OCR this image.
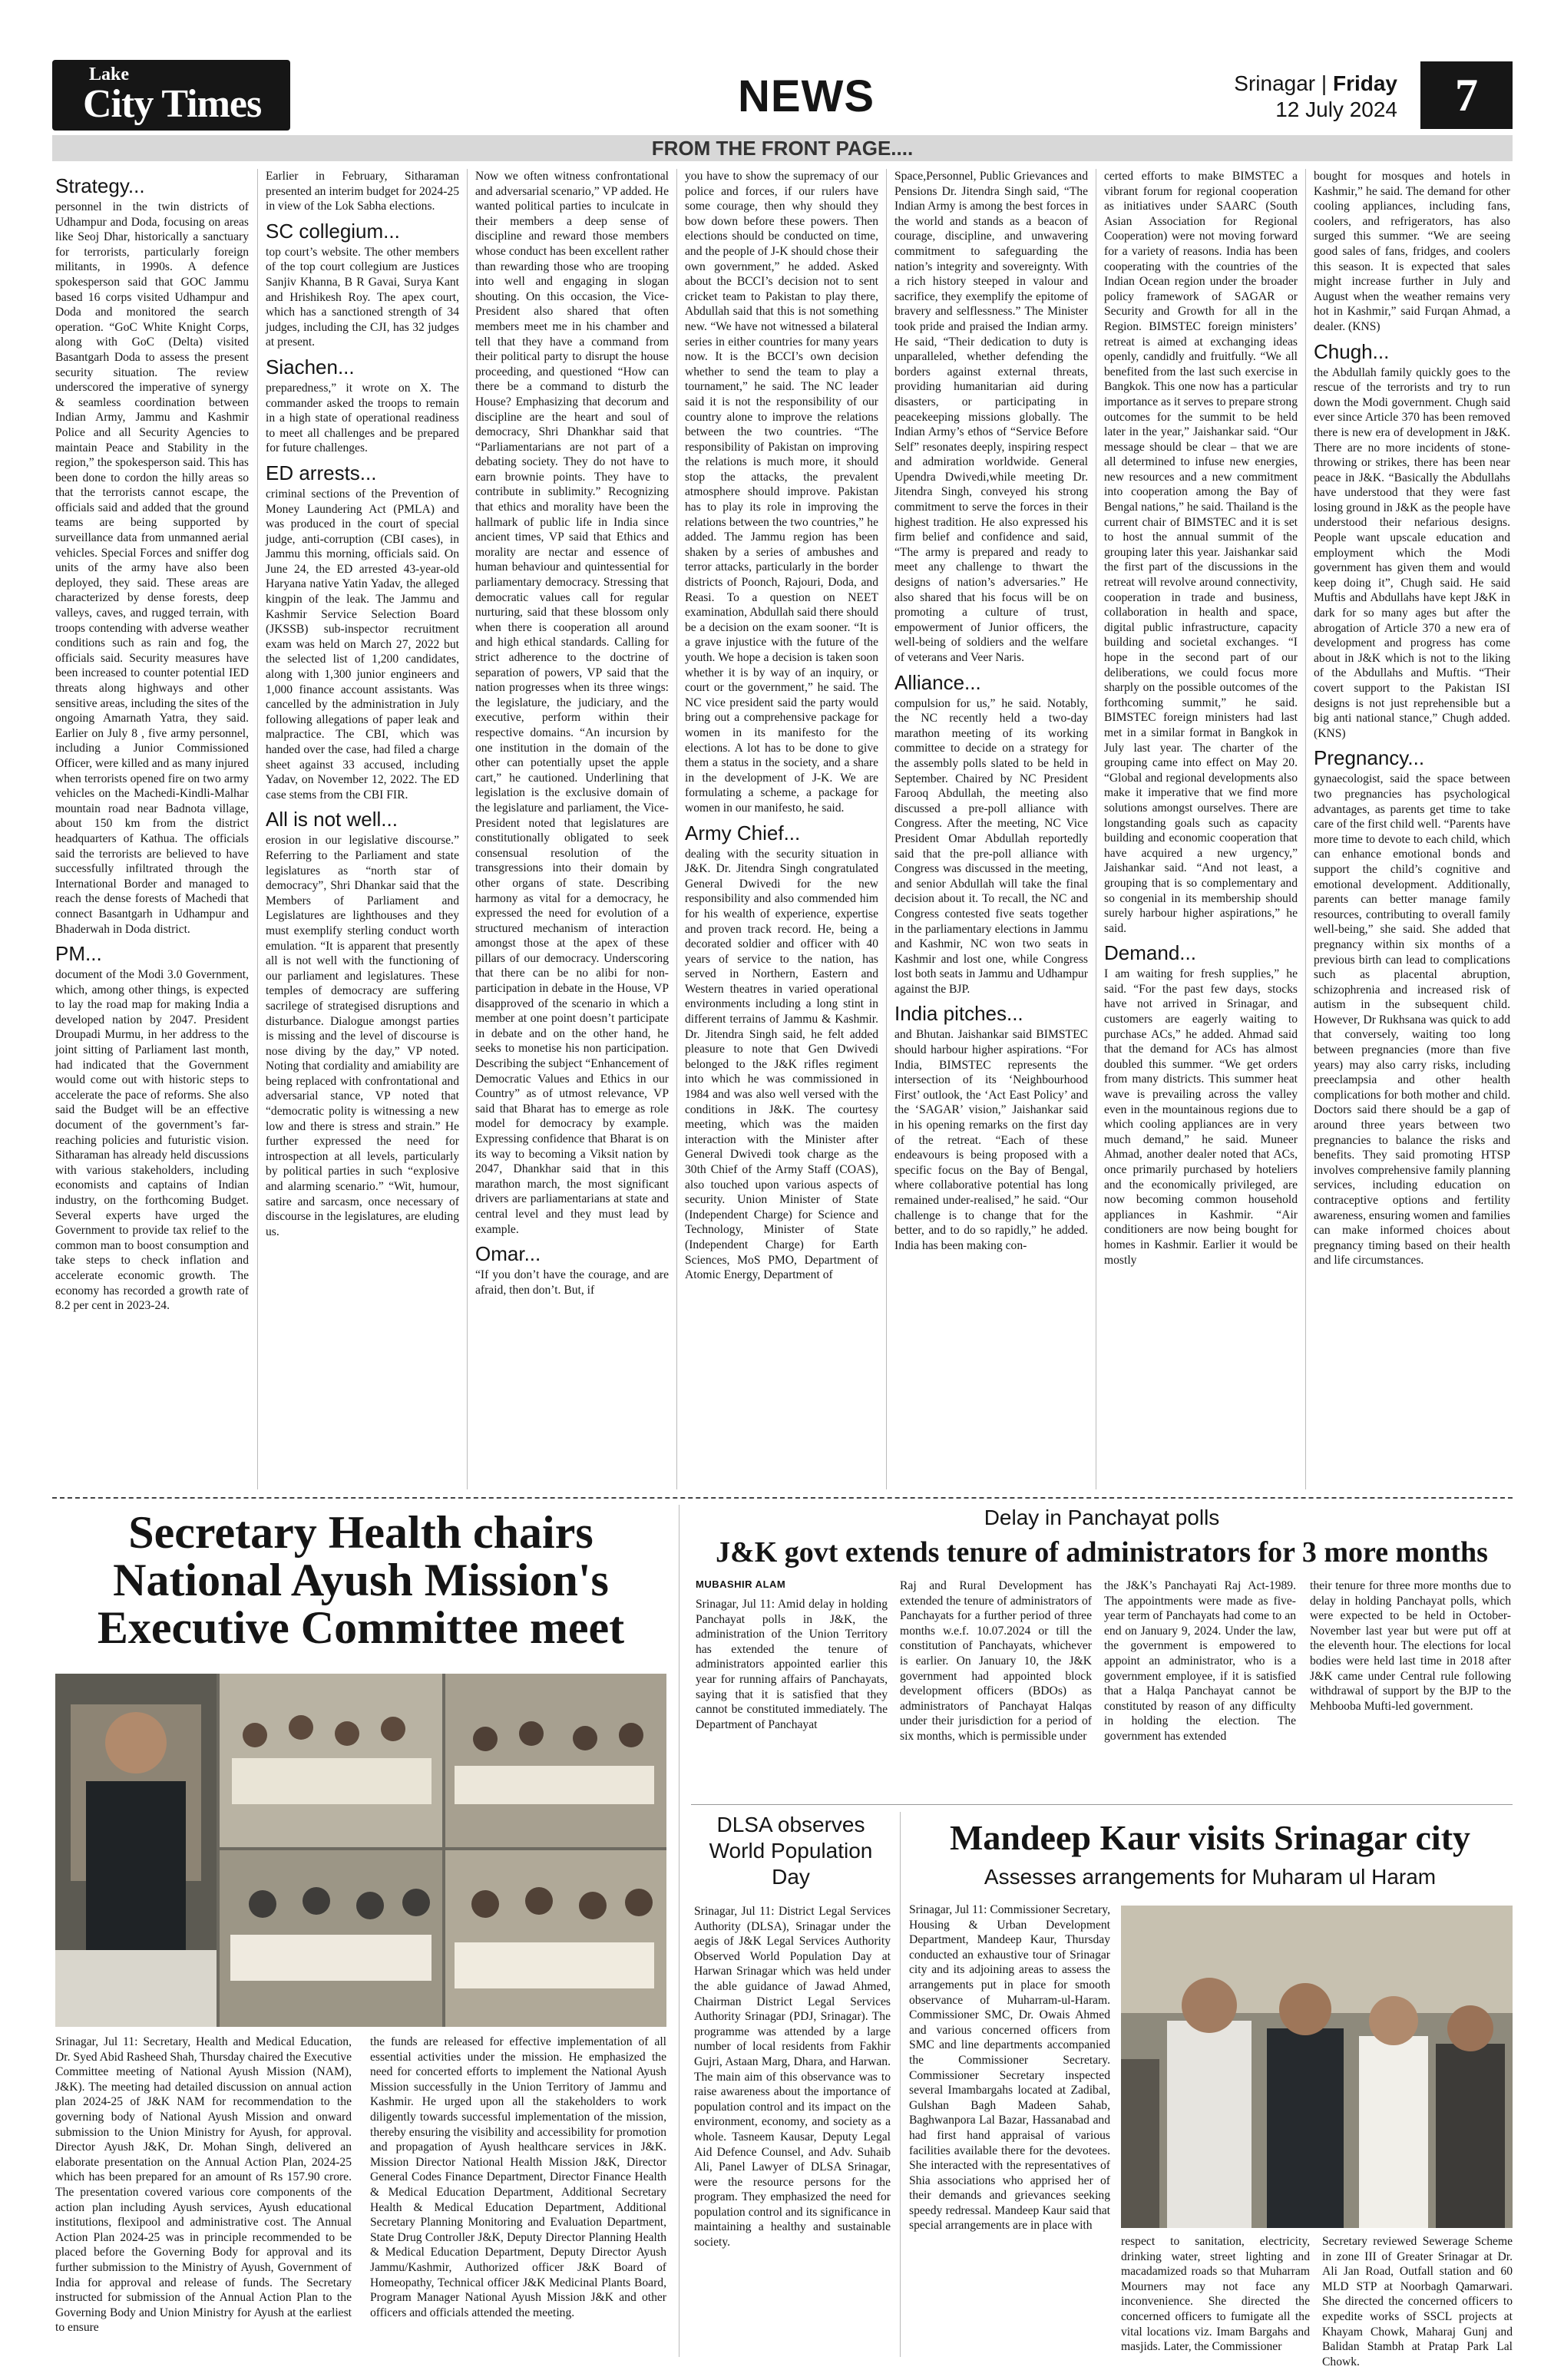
Lake
City Times	NEWS	Srinagar | Friday
12 July 2024	7
FROM THE FRONT PAGE....
Strategy...

personnel in the twin districts of Udhampur and Doda, focusing on areas like Seoj Dhar, historically a sanctuary for terrorists, particularly foreign militants, in 1990s. A defence spokesperson said that GOC Jammu based 16 corps visited Udhampur and Doda and monitored the search operation. “GoC White Knight Corps, along with GoC (Delta) visited Basantgarh Doda to assess the present security situation. The review underscored the imperative of synergy & seamless coordination between Indian Army, Jammu and Kashmir Police and all Security Agencies to maintain Peace and Stability in the region,” the spokesperson said. This has been done to cordon the hilly areas so that the terrorists cannot escape, the officials said and added that the ground teams are being supported by surveillance data from unmanned aerial vehicles. Special Forces and sniffer dog units of the army have also been deployed, they said. These areas are characterized by dense forests, deep valleys, caves, and rugged terrain, with troops contending with adverse weather conditions such as rain and fog, the officials said. Security measures have been increased to counter potential IED threats along highways and other sensitive areas, including the sites of the ongoing Amarnath Yatra, they said. Earlier on July 8 , five army personnel, including a Junior Commissioned Officer, were killed and as many injured when terrorists opened fire on two army vehicles on the Machedi-Kindli-Malhar mountain road near Badnota village, about 150 km from the district headquarters of Kathua. The officials said the terrorists are believed to have successfully infiltrated through the International Border and managed to reach the dense forests of Machedi that connect Basantgarh in Udhampur and Bhaderwah in Doda district.

PM...

document of the Modi 3.0 Government, which, among other things, is expected to lay the road map for making India a developed nation by 2047. President Droupadi Murmu, in her address to the joint sitting of Parliament last month, had indicated that the Government would come out with historic steps to accelerate the pace of reforms. She also said the Budget will be an effective document of the government’s far-reaching policies and futuristic vision. Sitharaman has already held discussions with various stakeholders, including economists and captains of Indian industry, on the forthcoming Budget. Several experts have urged the Government to provide tax relief to the common man to boost consumption and take steps to check inflation and accelerate economic growth. The economy has recorded a growth rate of 8.2 per cent in 2023-24.

Earlier in February, Sitharaman presented an interim budget for 2024-25 in view of the Lok Sabha elections.

SC collegium...

top court’s website. The other members of the top court collegium are Justices Sanjiv Khanna, B R Gavai, Surya Kant and Hrishikesh Roy. The apex court, which has a sanctioned strength of 34 judges, including the CJI, has 32 judges at present.

Siachen...

preparedness,” it wrote on X. The commander asked the troops to remain in a high state of operational readiness to meet all challenges and be prepared for future challenges.

ED arrests...

criminal sections of the Prevention of Money Laundering Act (PMLA) and was produced in the court of special judge, anti-corruption (CBI cases), in Jammu this morning, officials said. On June 24, the ED arrested 43-year-old Haryana native Yatin Yadav, the alleged kingpin of the leak. The Jammu and Kashmir Service Selection Board (JKSSB) sub-inspector recruitment exam was held on March 27, 2022 but the selected list of 1,200 candidates, along with 1,300 junior engineers and 1,000 finance account assistants. Was cancelled by the administration in July following allegations of paper leak and malpractice. The CBI, which was handed over the case, had filed a charge sheet against 33 accused, including Yadav, on November 12, 2022. The ED case stems from the CBI FIR.

All is not well...

erosion in our legislative discourse.” Referring to the Parliament and state legislatures as “north star of democracy”, Shri Dhankar said that the Members of Parliament and Legislatures are lighthouses and they must exemplify sterling conduct worth emulation. “It is apparent that presently all is not well with the functioning of our parliament and legislatures. These temples of democracy are suffering sacrilege of strategised disruptions and disturbance. Dialogue amongst parties is missing and the level of discourse is nose diving by the day,” VP noted. Noting that cordiality and amiability are being replaced with confrontational and adversarial stance, VP noted that “democratic polity is witnessing a new low and there is stress and strain.” He further expressed the need for introspection at all levels, particularly by political parties in such “explosive and alarming scenario.” “Wit, humour, satire and sarcasm, once necessary of discourse in the legislatures, are eluding us.

Now we often witness confrontational and adversarial scenario,” VP added. He wanted political parties to inculcate in their members a deep sense of discipline and reward those members whose conduct has been excellent rather than rewarding those who are trooping into well and engaging in slogan shouting. On this occasion, the Vice-President also shared that often members meet me in his chamber and tell that they have a command from their political party to disrupt the house proceeding, and questioned “How can there be a command to disturb the House? Emphasizing that decorum and discipline are the heart and soul of democracy, Shri Dhankhar said that “Parliamentarians are not part of a debating society. They do not have to earn brownie points. They have to contribute in sublimity.” Recognizing that ethics and morality have been the hallmark of public life in India since ancient times, VP said that Ethics and morality are nectar and essence of human behaviour and quintessential for parliamentary democracy. Stressing that democratic values call for regular nurturing, said that these blossom only when there is cooperation all around and high ethical standards. Calling for strict adherence to the doctrine of separation of powers, VP said that the nation progresses when its three wings: the legislature, the judiciary, and the executive, perform within their respective domains. “An incursion by one institution in the domain of the other can potentially upset the apple cart,” he cautioned. Underlining that legislation is the exclusive domain of the legislature and parliament, the Vice-President noted that legislatures are constitutionally obligated to seek consensual resolution of the transgressions into their domain by other organs of state. Describing harmony as vital for a democracy, he expressed the need for evolution of a structured mechanism of interaction amongst those at the apex of these pillars of our democracy. Underscoring that there can be no alibi for non-participation in debate in the House, VP disapproved of the scenario in which a member at one point doesn’t participate in debate and on the other hand, he seeks to monetise his non participation. Describing the subject “Enhancement of Democratic Values and Ethics in our Country” as of utmost relevance, VP said that Bharat has to emerge as role model for democracy by example. Expressing confidence that Bharat is on its way to becoming a Viksit nation by 2047, Dhankhar said that in this marathon march, the most significant drivers are parliamentarians at state and central level and they must lead by example.

Omar...

“If you don’t have the courage, and are afraid, then don’t. But, if

you have to show the supremacy of our police and forces, if our rulers have some courage, then why should they bow down before these powers. Then elections should be conducted on time, and the people of J-K should chose their own government,” he added. Asked about the BCCI’s decision not to sent cricket team to Pakistan to play there, Abdullah said that this is not something new. “We have not witnessed a bilateral series in either countries for many years now. It is the BCCI’s own decision whether to send the team to play a tournament,” he said. The NC leader said it is not the responsibility of our country alone to improve the relations between the two countries. “The responsibility of Pakistan on improving the relations is much more, it should stop the attacks, the prevalent atmosphere should improve. Pakistan has to play its role in improving the relations between the two countries,” he added. The Jammu region has been shaken by a series of ambushes and terror attacks, particularly in the border districts of Poonch, Rajouri, Doda, and Reasi. To a question on NEET examination, Abdullah said there should be a decision on the exam sooner. “It is a grave injustice with the future of the youth. We hope a decision is taken soon whether it is by way of an inquiry, or court or the government,” he said. The NC vice president said the party would bring out a comprehensive package for women in its manifesto for the elections. A lot has to be done to give them a status in the society, and a share in the development of J-K. We are formulating a scheme, a package for women in our manifesto, he said.

Army Chief...

dealing with the security situation in J&K. Dr. Jitendra Singh congratulated General Dwivedi for the new responsibility and also commended him for his wealth of experience, expertise and proven track record. He, being a decorated soldier and officer with 40 years of service to the nation, has served in Northern, Eastern and Western theatres in varied operational environments including a long stint in different terrains of Jammu & Kashmir. Dr. Jitendra Singh said, he felt added pleasure to note that Gen Dwivedi belonged to the J&K rifles regiment into which he was commissioned in 1984 and was also well versed with the conditions in J&K. The courtesy meeting, which was the maiden interaction with the Minister after General Dwivedi took charge as the 30th Chief of the Army Staff (COAS), also touched upon various aspects of security. Union Minister of State (Independent Charge) for Science and Technology, Minister of State (Independent Charge) for Earth Sciences, MoS PMO, Department of Atomic Energy, Department of

Space,Personnel, Public Grievances and Pensions Dr. Jitendra Singh said, “The Indian Army is among the best forces in the world and stands as a beacon of courage, discipline, and unwavering commitment to safeguarding the nation’s integrity and sovereignty. With a rich history steeped in valour and sacrifice, they exemplify the epitome of bravery and selflessness.” The Minister took pride and praised the Indian army. He said, “Their dedication to duty is unparalleled, whether defending the borders against external threats, providing humanitarian aid during disasters, or participating in peacekeeping missions globally. The Indian Army’s ethos of “Service Before Self” resonates deeply, inspiring respect and admiration worldwide. General Upendra Dwivedi,while meeting Dr. Jitendra Singh, conveyed his strong commitment to serve the forces in their highest tradition. He also expressed his firm belief and confidence and said, “The army is prepared and ready to meet any challenge to thwart the designs of nation’s adversaries.” He also shared that his focus will be on promoting a culture of trust, empowerment of Junior officers, the well-being of soldiers and the welfare of veterans and Veer Naris.

Alliance...

compulsion for us,” he said. Notably, the NC recently held a two-day marathon meeting of its working committee to decide on a strategy for the assembly polls slated to be held in September. Chaired by NC President Farooq Abdullah, the meeting also discussed a pre-poll alliance with Congress. After the meeting, NC Vice President Omar Abdullah reportedly said that the pre-poll alliance with Congress was discussed in the meeting, and senior Abdullah will take the final decision about it. To recall, the NC and Congress contested five seats together in the parliamentary elections in Jammu and Kashmir, NC won two seats in Kashmir and lost one, while Congress lost both seats in Jammu and Udhampur against the BJP.

India pitches...

and Bhutan. Jaishankar said BIMSTEC should harbour higher aspirations. “For India, BIMSTEC represents the intersection of its ‘Neighbourhood First’ outlook, the ‘Act East Policy’ and the ‘SAGAR’ vision,” Jaishankar said in his opening remarks on the first day of the retreat. “Each of these endeavours is being proposed with a specific focus on the Bay of Bengal, where collaborative potential has long remained under-realised,” he said. “Our challenge is to change that for the better, and to do so rapidly,” he added. India has been making con-

certed efforts to make BIMSTEC a vibrant forum for regional cooperation as initiatives under SAARC (South Asian Association for Regional Cooperation) were not moving forward for a variety of reasons. India has been cooperating with the countries of the Indian Ocean region under the broader policy framework of SAGAR or Security and Growth for all in the Region. BIMSTEC foreign ministers’ retreat is aimed at exchanging ideas openly, candidly and fruitfully. “We all benefited from the last such exercise in Bangkok. This one now has a particular importance as it serves to prepare strong outcomes for the summit to be held later in the year,” Jaishankar said. “Our message should be clear – that we are all determined to infuse new energies, new resources and a new commitment into cooperation among the Bay of Bengal nations,” he said. Thailand is the current chair of BIMSTEC and it is set to host the annual summit of the grouping later this year. Jaishankar said the first part of the discussions in the retreat will revolve around connectivity, cooperation in trade and business, collaboration in health and space, digital public infrastructure, capacity building and societal exchanges. “I hope in the second part of our deliberations, we could focus more sharply on the possible outcomes of the forthcoming summit,” he said. BIMSTEC foreign ministers had last met in a similar format in Bangkok in July last year. The charter of the grouping came into effect on May 20. “Global and regional developments also make it imperative that we find more solutions amongst ourselves. There are longstanding goals such as capacity building and economic cooperation that have acquired a new urgency,” Jaishankar said. “And not least, a grouping that is so complementary and so congenial in its membership should surely harbour higher aspirations,” he said.

Demand...

I am waiting for fresh supplies,” he said. “For the past few days, stocks have not arrived in Srinagar, and customers are eagerly waiting to purchase ACs,” he added. Ahmad said that the demand for ACs has almost doubled this summer. “We get orders from many districts. This summer heat wave is prevailing across the valley even in the mountainous regions due to which cooling appliances are in very much demand,” he said. Muneer Ahmad, another dealer noted that ACs, once primarily purchased by hoteliers and the economically privileged, are now becoming common household appliances in Kashmir. “Air conditioners are now being bought for homes in Kashmir. Earlier it would be mostly

bought for mosques and hotels in Kashmir,” he said. The demand for other cooling appliances, including fans, coolers, and refrigerators, has also surged this summer. “We are seeing good sales of fans, fridges, and coolers this season. It is expected that sales might increase further in July and August when the weather remains very hot in Kashmir,” said Furqan Ahmad, a dealer. (KNS)

Chugh...

the Abdullah family quickly goes to the rescue of the terrorists and try to run down the Modi government. Chugh said ever since Article 370 has been removed there is new era of development in J&K. There are no more incidents of stone-throwing or strikes, there has been near peace in J&K. “Basically the Abdullahs have understood that they were fast losing ground in J&K as the people have understood their nefarious designs. People want upscale education and employment which the Modi government has given them and would keep doing it”, Chugh said. He said Muftis and Abdullahs have kept J&K in dark for so many ages but after the abrogation of Article 370 a new era of development and progress has come about in J&K which is not to the liking of the Abdullahs and Muftis. “Their covert support to the Pakistan ISI designs is not just reprehensible but a big anti national stance,” Chugh added. (KNS)

Pregnancy...

gynaecologist, said the space between two pregnancies has psychological advantages, as parents get time to take care of the first child well. “Parents have more time to devote to each child, which can enhance emotional bonds and support the child’s cognitive and emotional development. Additionally, parents can better manage family resources, contributing to overall family well-being,” she said. She added that pregnancy within six months of a previous birth can lead to complications such as placental abruption, schizophrenia and increased risk of autism in the subsequent child. However, Dr Rukhsana was quick to add that conversely, waiting too long between pregnancies (more than five years) may also carry risks, including preeclampsia and other health complications for both mother and child. Doctors said there should be a gap of around three years between two pregnancies to balance the risks and benefits. They said promoting HTSP involves comprehensive family planning services, including education on contraceptive options and fertility awareness, ensuring women and families can make informed choices about pregnancy timing based on their health and life circumstances.

Secretary Health chairs National Ayush Mission's Executive Committee meet

Srinagar, Jul 11: Secretary, Health and Medical Education, Dr. Syed Abid Rasheed Shah, Thursday chaired the Executive Committee meeting of National Ayush Mission (NAM), J&K). The meeting had detailed discussion on annual action plan 2024-25 of J&K NAM for recommendation to the governing body of National Ayush Mission and onward submission to the Union Ministry for Ayush, for approval. Director Ayush J&K, Dr. Mohan Singh, delivered an elaborate presentation on the Annual Action Plan, 2024-25 which has been prepared for an amount of Rs 157.90 crore. The presentation covered various core components of the action plan including Ayush services, Ayush educational institutions, flexipool and administrative cost. The Annual Action Plan 2024-25 was in principle recommended to be placed before the Governing Body for approval and its further submission to the Ministry of Ayush, Government of India for approval and release of funds. The Secretary instructed for submission of the Annual Action Plan to the Governing Body and Union Ministry for Ayush at the earliest to ensure

the funds are released for effective implementation of all essential activities under the mission. He emphasized the need for concerted efforts to implement the National Ayush Mission successfully in the Union Territory of Jammu and Kashmir. He urged upon all the stakeholders to work diligently towards successful implementation of the mission, thereby ensuring the visibility and accessibility for promotion and propagation of Ayush healthcare services in J&K. Mission Director National Health Mission J&K, Director General Codes Finance Department, Director Finance Health & Medical Education Department, Additional Secretary Health & Medical Education Department, Additional Secretary Planning Monitoring and Evaluation Department, State Drug Controller J&K, Deputy Director Planning Health & Medical Education Department, Deputy Director Ayush Jammu/Kashmir, Authorized officer J&K Board of Homeopathy, Technical officer J&K Medicinal Plants Board, Program Manager National Ayush Mission J&K and other officers and officials attended the meeting.

Delay in Panchayat polls
J&K govt extends tenure of administrators for 3 more months
MUBASHIR ALAM

Srinagar, Jul 11: Amid delay in holding Panchayat polls in J&K, the administration of the Union Territory has extended the tenure of administrators appointed earlier this year for running affairs of Panchayats, saying that it is satisfied that they cannot be constituted immediately. The Department of Panchayat

Raj and Rural Development has extended the tenure of administrators of Panchayats for a further period of three months w.e.f. 10.07.2024 or till the constitution of Panchayats, whichever is earlier. On January 10, the J&K government had appointed block development officers (BDOs) as administrators of Panchayat Halqas under their jurisdiction for a period of six months, which is permissible under

the J&K’s Panchayati Raj Act-1989. The appointments were made as five-year term of Panchayats had come to an end on January 9, 2024. Under the law, the government is empowered to appoint an administrator, who is a government employee, if it is satisfied that a Halqa Panchayat cannot be constituted by reason of any difficulty in holding the election. The government has extended

their tenure for three more months due to delay in holding Panchayat polls, which were expected to be held in October- November last year but were put off at the eleventh hour. The elections for local bodies were held last time in 2018 after J&K came under Central rule following withdrawal of support by the BJP to the Mehbooba Mufti-led government.

DLSA observes World Population Day

Srinagar, Jul 11: District Legal Services Authority (DLSA), Srinagar under the aegis of J&K Legal Services Authority Observed World Population Day at Harwan Srinagar which was held under the able guidance of Jawad Ahmed, Chairman District Legal Services Authority Srinagar (PDJ, Srinagar). The programme was attended by a large number of local residents from Fakhir Gujri, Astaan Marg, Dhara, and Harwan. The main aim of this observance was to raise awareness about the importance of population control and its impact on the environment, economy, and society as a whole. Tasneem Kausar, Deputy Legal Aid Defence Counsel, and Adv. Suhaib Ali, Panel Lawyer of DLSA Srinagar, were the resource persons for the program. They emphasized the need for population control and its significance in maintaining a healthy and sustainable society.

Mandeep Kaur visits Srinagar city
Assesses arrangements for Muharam ul Haram

Srinagar, Jul 11: Commissioner Secretary, Housing & Urban Development Department, Mandeep Kaur, Thursday conducted an exhaustive tour of Srinagar city and its adjoining areas to assess the arrangements put in place for smooth observance of Muharram-ul-Haram. Commissioner SMC, Dr. Owais Ahmed and various concerned officers from SMC and line departments accompanied the Commissioner Secretary. Commissioner Secretary inspected several Imambargahs located at Zadibal, Gulshan Bagh Madeen Sahab, Baghwanpora Lal Bazar, Hassanabad and had first hand appraisal of various facilities available there for the devotees. She interacted with the representatives of Shia associations who apprised her of their demands and grievances seeking speedy redressal. Mandeep Kaur said that special arrangements are in place with

respect to sanitation, electricity, drinking water, street lighting and macadamized roads so that Muharram Mourners may not face any inconvenience. She directed the concerned officers to fumigate all the vital locations viz. Imam Bargahs and masjids. Later, the Commissioner

Secretary reviewed Sewerage Scheme in zone III of Greater Srinagar at Dr. Ali Jan Road, Outfall station and 60 MLD STP at Noorbagh Qamarwari. She directed the concerned officers to expedite works of SSCL projects at Khayam Chowk, Maharaj Gunj and Balidan Stambh at Pratap Park Lal Chowk.
